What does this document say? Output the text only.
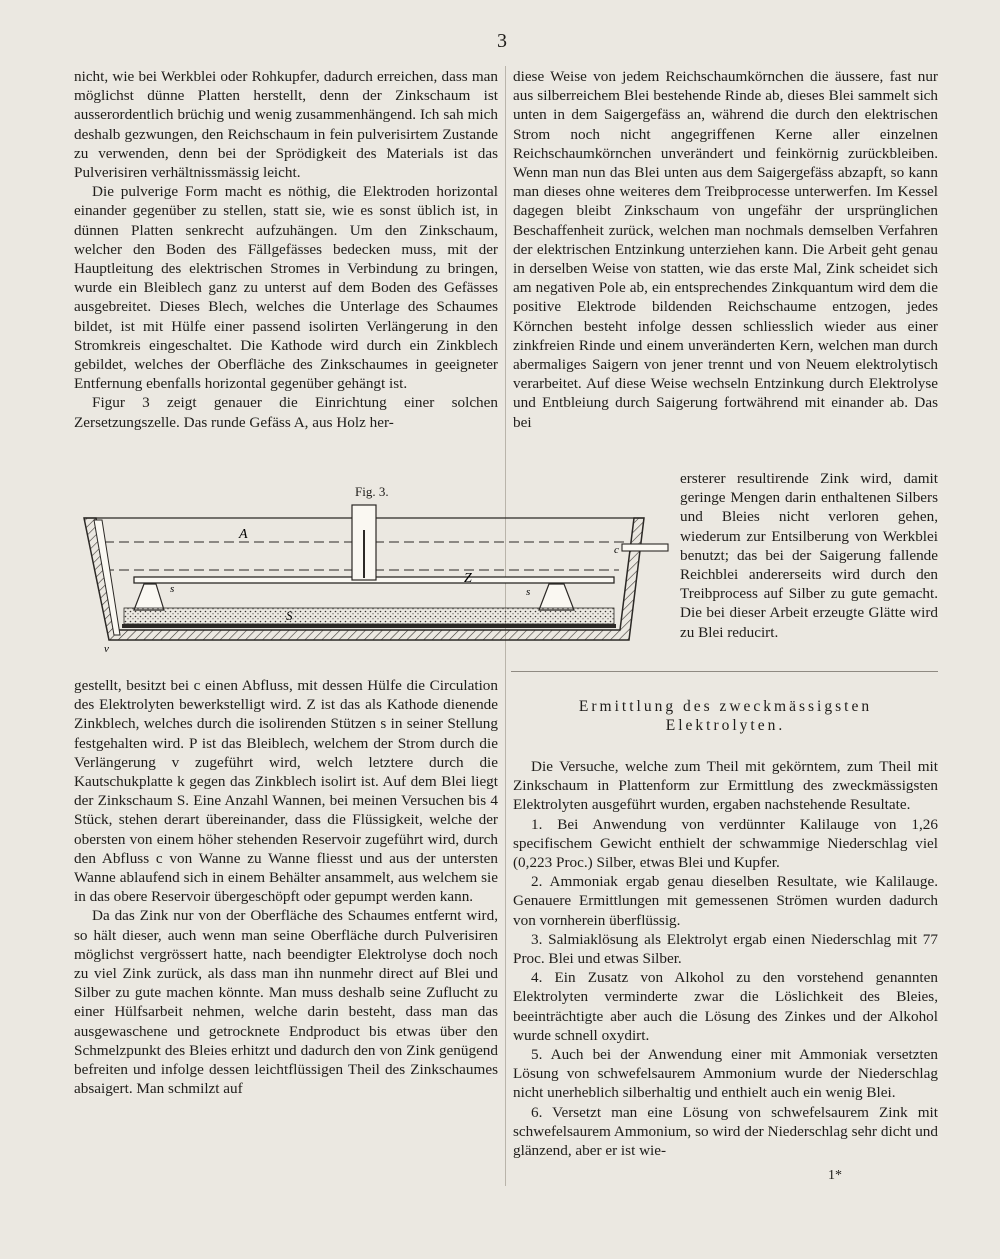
3

nicht, wie bei Werkblei oder Rohkupfer, dadurch erreichen, dass man möglichst dünne Platten herstellt, denn der Zinkschaum ist ausserordentlich brüchig und wenig zusammenhängend. Ich sah mich deshalb gezwungen, den Reichschaum in fein pulverisirtem Zustande zu verwenden, denn bei der Sprödigkeit des Materials ist das Pulverisiren verhältnissmässig leicht.

Die pulverige Form macht es nöthig, die Elektroden horizontal einander gegenüber zu stellen, statt sie, wie es sonst üblich ist, in dünnen Platten senkrecht aufzuhängen. Um den Zinkschaum, welcher den Boden des Fällgefässes bedecken muss, mit der Hauptleitung des elektrischen Stromes in Verbindung zu bringen, wurde ein Bleiblech ganz zu unterst auf dem Boden des Gefässes ausgebreitet. Dieses Blech, welches die Unterlage des Schaumes bildet, ist mit Hülfe einer passend isolirten Verlängerung in den Stromkreis eingeschaltet. Die Kathode wird durch ein Zinkblech gebildet, welches der Oberfläche des Zinkschaumes in geeigneter Entfernung ebenfalls horizontal gegenüber gehängt ist.

Figur 3 zeigt genauer die Einrichtung einer solchen Zersetzungszelle. Das runde Gefäss A, aus Holz her-

diese Weise von jedem Reichschaumkörnchen die äussere, fast nur aus silberreichem Blei bestehende Rinde ab, dieses Blei sammelt sich unten in dem Saigergefäss an, während die durch den elektrischen Strom noch nicht angegriffenen Kerne aller einzelnen Reichschaumkörnchen unverändert und feinkörnig zurückbleiben. Wenn man nun das Blei unten aus dem Saigergefäss abzapft, so kann man dieses ohne weiteres dem Treibprocesse unterwerfen. Im Kessel dagegen bleibt Zinkschaum von ungefähr der ursprünglichen Beschaffenheit zurück, welchen man nochmals demselben Verfahren der elektrischen Entzinkung unterziehen kann. Die Arbeit geht genau in derselben Weise von statten, wie das erste Mal, Zink scheidet sich am negativen Pole ab, ein entsprechendes Zinkquantum wird dem die positive Elektrode bildenden Reichschaume entzogen, jedes Körnchen besteht infolge dessen schliesslich wieder aus einer zinkfreien Rinde und einem unveränderten Kern, welchen man durch abermaliges Saigern von jener trennt und von Neuem elektrolytisch verarbeitet. Auf diese Weise wechseln Entzinkung durch Elektrolyse und Entbleiung durch Saigerung fortwährend mit einander ab. Das bei

ersterer resultirende Zink wird, damit geringe Mengen darin enthaltenen Silbers und Bleies nicht verloren gehen, wiederum zur Entsilberung von Werkblei benutzt; das bei der Saigerung fallende Reichblei andererseits wird durch den Treibprocess auf Silber zu gute gemacht. Die bei dieser Arbeit erzeugte Glätte wird zu Blei reducirt.

Fig. 3.
A
Z
S
s	s
c
v

gestellt, besitzt bei c einen Abfluss, mit dessen Hülfe die Circulation des Elektrolyten bewerkstelligt wird. Z ist das als Kathode dienende Zinkblech, welches durch die isolirenden Stützen s in seiner Stellung festgehalten wird. P ist das Bleiblech, welchem der Strom durch die Verlängerung v zugeführt wird, welch letztere durch die Kautschukplatte k gegen das Zinkblech isolirt ist. Auf dem Blei liegt der Zinkschaum S. Eine Anzahl Wannen, bei meinen Versuchen bis 4 Stück, stehen derart übereinander, dass die Flüssigkeit, welche der obersten von einem höher stehenden Reservoir zugeführt wird, durch den Abfluss c von Wanne zu Wanne fliesst und aus der untersten Wanne ablaufend sich in einem Behälter ansammelt, aus welchem sie in das obere Reservoir übergeschöpft oder gepumpt werden kann.

Da das Zink nur von der Oberfläche des Schaumes entfernt wird, so hält dieser, auch wenn man seine Oberfläche durch Pulverisiren möglichst vergrössert hatte, nach beendigter Elektrolyse doch noch zu viel Zink zurück, als dass man ihn nunmehr direct auf Blei und Silber zu gute machen könnte. Man muss deshalb seine Zuflucht zu einer Hülfsarbeit nehmen, welche darin besteht, dass man das ausgewaschene und getrocknete Endproduct bis etwas über den Schmelzpunkt des Bleies erhitzt und dadurch den von Zink genügend befreiten und infolge dessen leichtflüssigen Theil des Zinkschaumes absaigert. Man schmilzt auf

Ermittlung des zweckmässigsten
Elektrolyten.

Die Versuche, welche zum Theil mit gekörntem, zum Theil mit Zinkschaum in Plattenform zur Ermittlung des zweckmässigsten Elektrolyten ausgeführt wurden, ergaben nachstehende Resultate.

1. Bei Anwendung von verdünnter Kalilauge von 1,26 specifischem Gewicht enthielt der schwammige Niederschlag viel (0,223 Proc.) Silber, etwas Blei und Kupfer.

2. Ammoniak ergab genau dieselben Resultate, wie Kalilauge. Genauere Ermittlungen mit gemessenen Strömen wurden dadurch von vornherein überflüssig.

3. Salmiaklösung als Elektrolyt ergab einen Niederschlag mit 77 Proc. Blei und etwas Silber.

4. Ein Zusatz von Alkohol zu den vorstehend genannten Elektrolyten verminderte zwar die Löslichkeit des Bleies, beeinträchtigte aber auch die Lösung des Zinkes und der Alkohol wurde schnell oxydirt.

5. Auch bei der Anwendung einer mit Ammoniak versetzten Lösung von schwefelsaurem Ammonium wurde der Niederschlag nicht unerheblich silberhaltig und enthielt auch ein wenig Blei.

6. Versetzt man eine Lösung von schwefelsaurem Zink mit schwefelsaurem Ammonium, so wird der Niederschlag sehr dicht und glänzend, aber er ist wie-

1*
